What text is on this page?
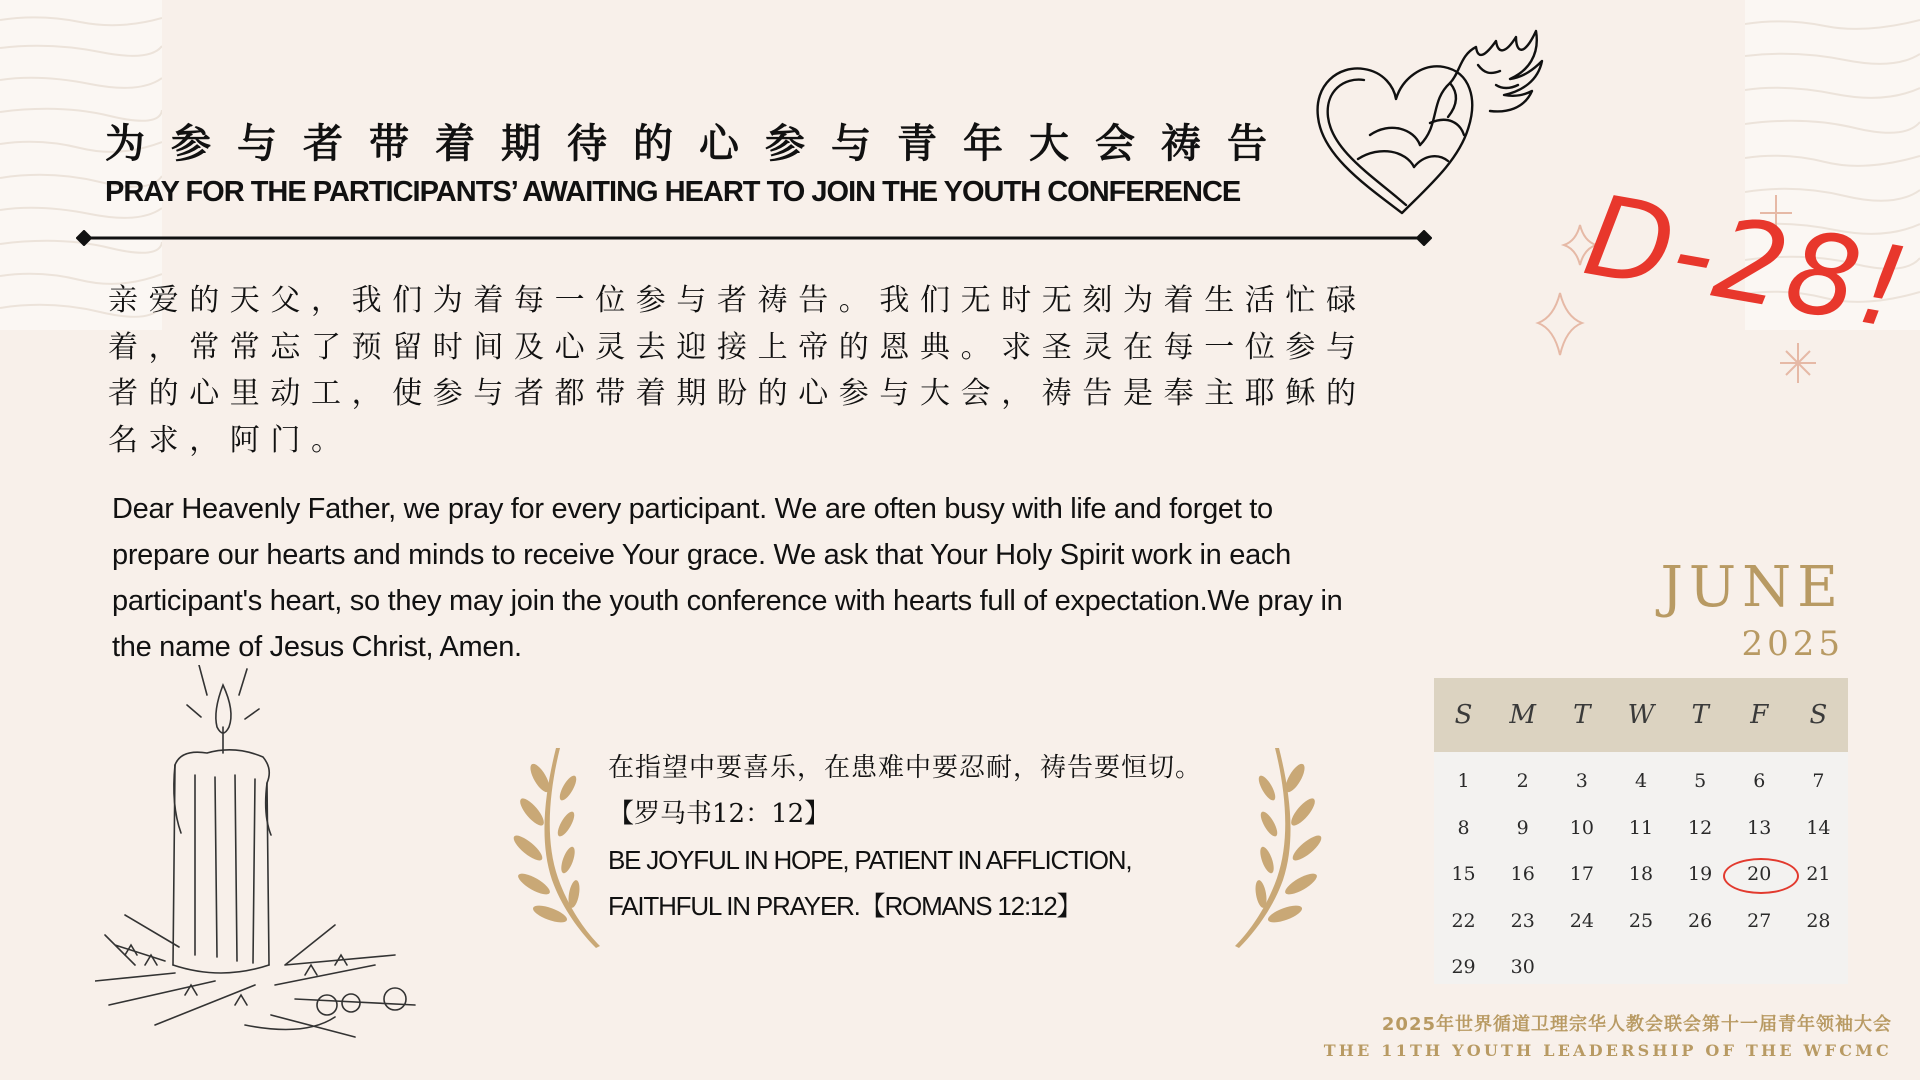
为参与者带着期待的心参与青年大会祷告
PRAY FOR THE PARTICIPANTS’ AWAITING HEART TO JOIN THE YOUTH CONFERENCE	D-28!
亲爱的天父，我们为着每一位参与者祷告。我们无时无刻为着生活忙碌着，常常忘了预留时间及心灵去迎接上帝的恩典。求圣灵在每一位参与者的心里动工，使参与者都带着期盼的心参与大会，祷告是奉主耶稣的名求，阿门。
Dear Heavenly Father, we pray for every participant. We are often busy with life and forget to prepare our hearts and minds to receive Your grace. We ask that Your Holy Spirit work in each participant's heart, so they may join the youth conference with hearts full of expectation.We pray in the name of Jesus Christ, Amen.
在指望中要喜乐，在患难中要忍耐，祷告要恒切。
【罗马书12：12】
BE JOYFUL IN HOPE, PATIENT IN AFFLICTION, FAITHFUL IN PRAYER.【ROMANS 12:12】
JUNE
2025
S	M	T	W	T	F	S
1	2	3	4	5	6	7
8	9	10	11	12	13	14
15	16	17	18	19	20	21
22	23	24	25	26	27	28
29	30
2025年世界循道卫理宗华人教会联会第十一届青年领袖大会
THE 11TH YOUTH LEADERSHIP OF THE WFCMC
